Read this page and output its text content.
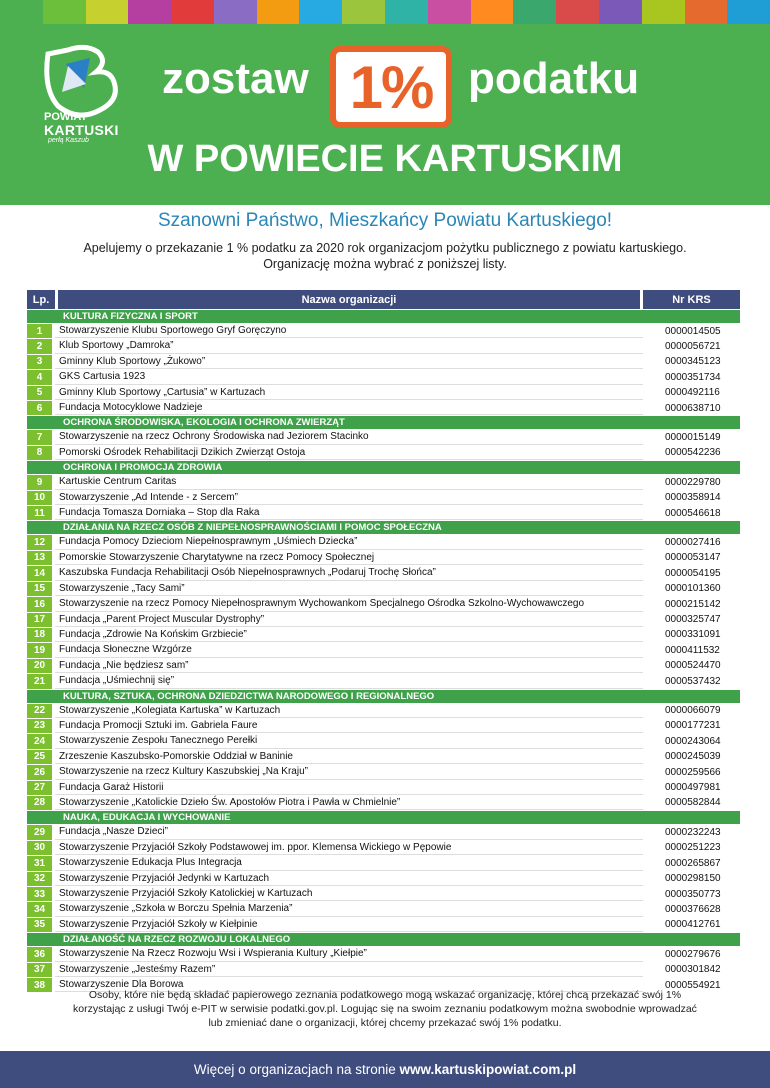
POWIAT
KARTUSKI
perłą Kaszub
zostaw 1% podatku
W POWIECIE KARTUSKIM
Szanowni Państwo, Mieszkańcy Powiatu Kartuskiego!
Apelujemy o przekazanie 1 % podatku za 2020 rok organizacjom pożytku publicznego z powiatu kartuskiego.
Organizację można wybrać z poniższej listy.
Lp.	Nazwa organizacji	Nr KRS
KULTURA FIZYCZNA I SPORT		
1	Stowarzyszenie Klubu Sportowego Gryf Goręczyno	0000014505
2	Klub Sportowy „Damroka”	0000056721
3	Gminny Klub Sportowy „Żukowo”	0000345123
4	GKS Cartusia 1923	0000351734
5	Gminny Klub Sportowy „Cartusia” w Kartuzach	0000492116
6	Fundacja Motocyklowe Nadzieje	0000638710
OCHRONA ŚRODOWISKA, EKOLOGIA I OCHRONA ZWIERZĄT		
7	Stowarzyszenie na rzecz Ochrony Środowiska nad Jeziorem Stacinko	0000015149
8	Pomorski Ośrodek Rehabilitacji Dzikich Zwierząt Ostoja	0000542236
OCHRONA I PROMOCJA ZDROWIA		
9	Kartuskie Centrum Caritas	0000229780
10	Stowarzyszenie „Ad Intende - z Sercem”	0000358914
11	Fundacja Tomasza Dorniaka – Stop dla Raka	0000546618
DZIAŁANIA NA RZECZ OSÓB Z NIEPEŁNOSPRAWNOŚCIAMI I POMOC SPOŁECZNA		
12	Fundacja Pomocy Dzieciom Niepełnosprawnym „Uśmiech Dziecka”	0000027416
13	Pomorskie Stowarzyszenie Charytatywne na rzecz Pomocy Społecznej	0000053147
14	Kaszubska Fundacja Rehabilitacji Osób Niepełnosprawnych „Podaruj Trochę Słońca”	0000054195
15	Stowarzyszenie „Tacy Sami”	0000101360
16	Stowarzyszenie na rzecz Pomocy Niepełnosprawnym Wychowankom Specjalnego Ośrodka Szkolno-Wychowawczego	0000215142
17	Fundacja „Parent Project Muscular Dystrophy”	0000325747
18	Fundacja „Zdrowie Na Końskim Grzbiecie”	0000331091
19	Fundacja Słoneczne Wzgórze	0000411532
20	Fundacja „Nie będziesz sam”	0000524470
21	Fundacja „Uśmiechnij się”	0000537432
KULTURA, SZTUKA, OCHRONA DZIEDZICTWA NARODOWEGO I REGIONALNEGO		
22	Stowarzyszenie „Kolegiata Kartuska” w Kartuzach	0000066079
23	Fundacja Promocji Sztuki im. Gabriela Faure	0000177231
24	Stowarzyszenie Zespołu Tanecznego Perełki	0000243064
25	Zrzeszenie Kaszubsko-Pomorskie Oddział w Baninie	0000245039
26	Stowarzyszenie na rzecz Kultury Kaszubskiej „Na Kraju”	0000259566
27	Fundacja Garaż Historii	0000497981
28	Stowarzyszenie „Katolickie Dzieło Św. Apostołów Piotra i Pawła w Chmielnie”	0000582844
NAUKA, EDUKACJA I WYCHOWANIE		
29	Fundacja „Nasze Dzieci”	0000232243
30	Stowarzyszenie Przyjaciół Szkoły Podstawowej im. ppor. Klemensa Wickiego w Pępowie	0000251223
31	Stowarzyszenie Edukacja Plus Integracja	0000265867
32	Stowarzyszenie Przyjaciół Jedynki w Kartuzach	0000298150
33	Stowarzyszenie Przyjaciół Szkoły Katolickiej w Kartuzach	0000350773
34	Stowarzyszenie „Szkoła w Borczu Spełnia Marzenia”	0000376628
35	Stowarzyszenie Przyjaciół Szkoły w Kiełpinie	0000412761
DZIAŁANOŚĆ NA RZECZ ROZWOJU LOKALNEGO		
36	Stowarzyszenie Na Rzecz Rozwoju Wsi i Wspierania Kultury „Kiełpie”	0000279676
37	Stowarzyszenie „Jesteśmy Razem”	0000301842
38	Stowarzyszenie Dla Borowa	0000554921
Osoby, które nie będą składać papierowego zeznania podatkowego mogą wskazać organizację, której chcą przekazać swój 1%
korzystając z usługi Twój e-PIT w serwisie podatki.gov.pl. Logując się na swoim zeznaniu podatkowym można swobodnie wprowadzać
lub zmieniać dane o organizacji, której chcemy przekazać swój 1% podatku.
Więcej o organizacjach na stronie www.kartuskipowiat.com.pl
